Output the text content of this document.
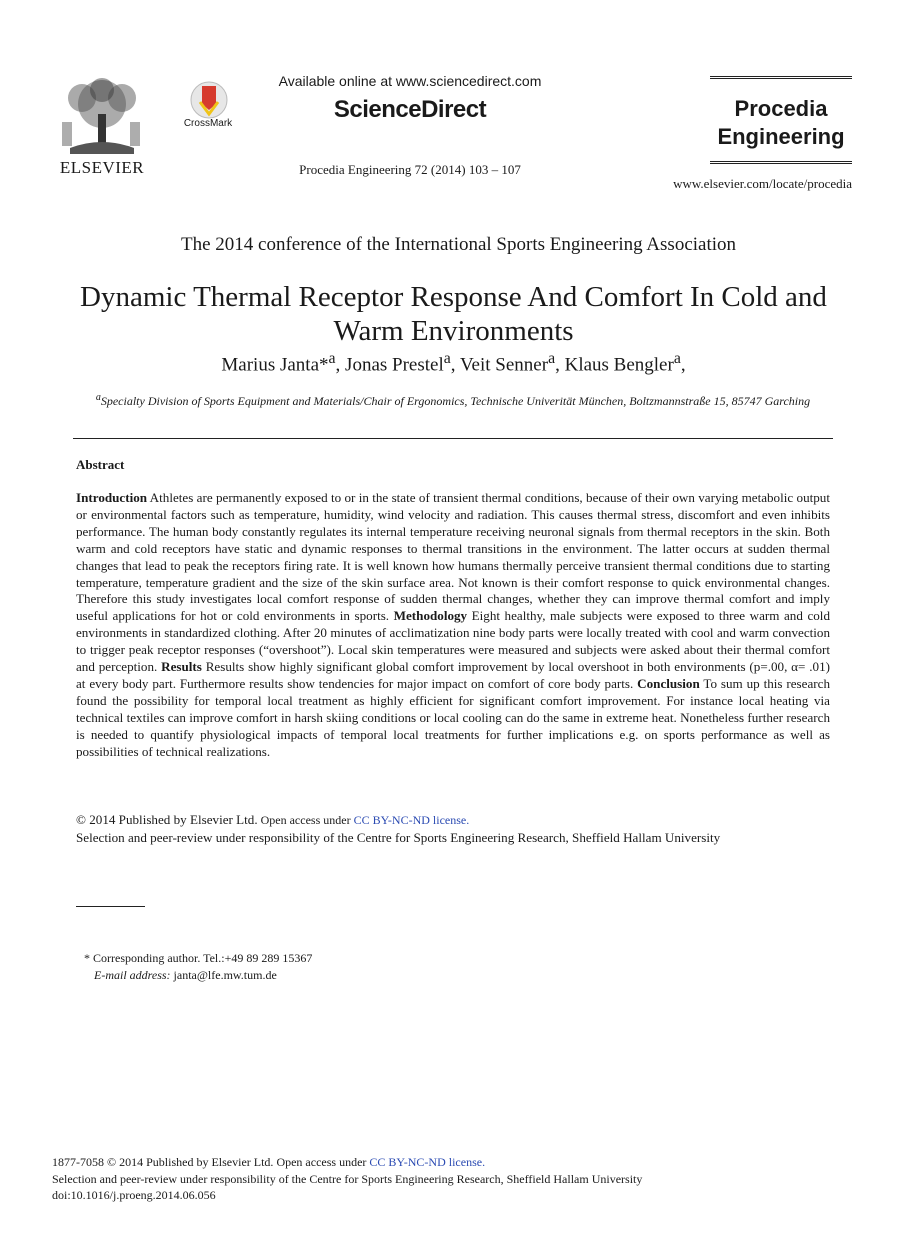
ELSEVIER
CrossMark
Available online at www.sciencedirect.com
ScienceDirect
Procedia Engineering 72 (2014) 103 – 107
Procedia
Engineering
www.elsevier.com/locate/procedia
The 2014 conference of the International Sports Engineering Association
Dynamic Thermal Receptor Response And Comfort In Cold and Warm Environments
Marius Janta*$^a$, Jonas Prestel$^a$, Veit Senner$^a$, Klaus Bengler$^a$,
$^a$Specialty Division of Sports Equipment and Materials/Chair of Ergonomics, Technische Univerität München, Boltzmannstraße 15, 85747 Garching
Abstract
Introduction Athletes are permanently exposed to or in the state of transient thermal conditions, because of their own varying metabolic output or environmental factors such as temperature, humidity, wind velocity and radiation. This causes thermal stress, discomfort and even inhibits performance. The human body constantly regulates its internal temperature receiving neuronal signals from thermal receptors in the skin. Both warm and cold receptors have static and dynamic responses to thermal transitions in the environment. The latter occurs at sudden thermal changes that lead to peak the receptors firing rate. It is well known how humans thermally perceive transient thermal conditions due to starting temperature, temperature gradient and the size of the skin surface area. Not known is their comfort response to quick environmental changes. Therefore this study investigates local comfort response of sudden thermal changes, whether they can improve thermal comfort and imply useful applications for hot or cold environments in sports. Methodology Eight healthy, male subjects were exposed to three warm and cold environments in standardized clothing. After 20 minutes of acclimatization nine body parts were locally treated with cool and warm convection to trigger peak receptor responses (“overshoot”). Local skin temperatures were measured and subjects were asked about their thermal comfort and perception. Results Results show highly significant global comfort improvement by local overshoot in both environments (p=.00, α= .01) at every body part. Furthermore results show tendencies for major impact on comfort of core body parts. Conclusion To sum up this research found the possibility for temporal local treatment as highly efficient for significant comfort improvement. For instance local heating via technical textiles can improve comfort in harsh skiing conditions or local cooling can do the same in extreme heat. Nonetheless further research is needed to quantify physiological impacts of temporal local treatments for further implications e.g. on sports performance as well as possibilities of technical realizations.
© 2014 Published by Elsevier Ltd. Open access under CC BY-NC-ND license.
Selection and peer-review under responsibility of the Centre for Sports Engineering Research, Sheffield Hallam University
* Corresponding author. Tel.:+49 89 289 15367
E-mail address: janta@lfe.mw.tum.de
1877-7058 © 2014 Published by Elsevier Ltd. Open access under CC BY-NC-ND license.
Selection and peer-review under responsibility of the Centre for Sports Engineering Research, Sheffield Hallam University
doi:10.1016/j.proeng.2014.06.056
